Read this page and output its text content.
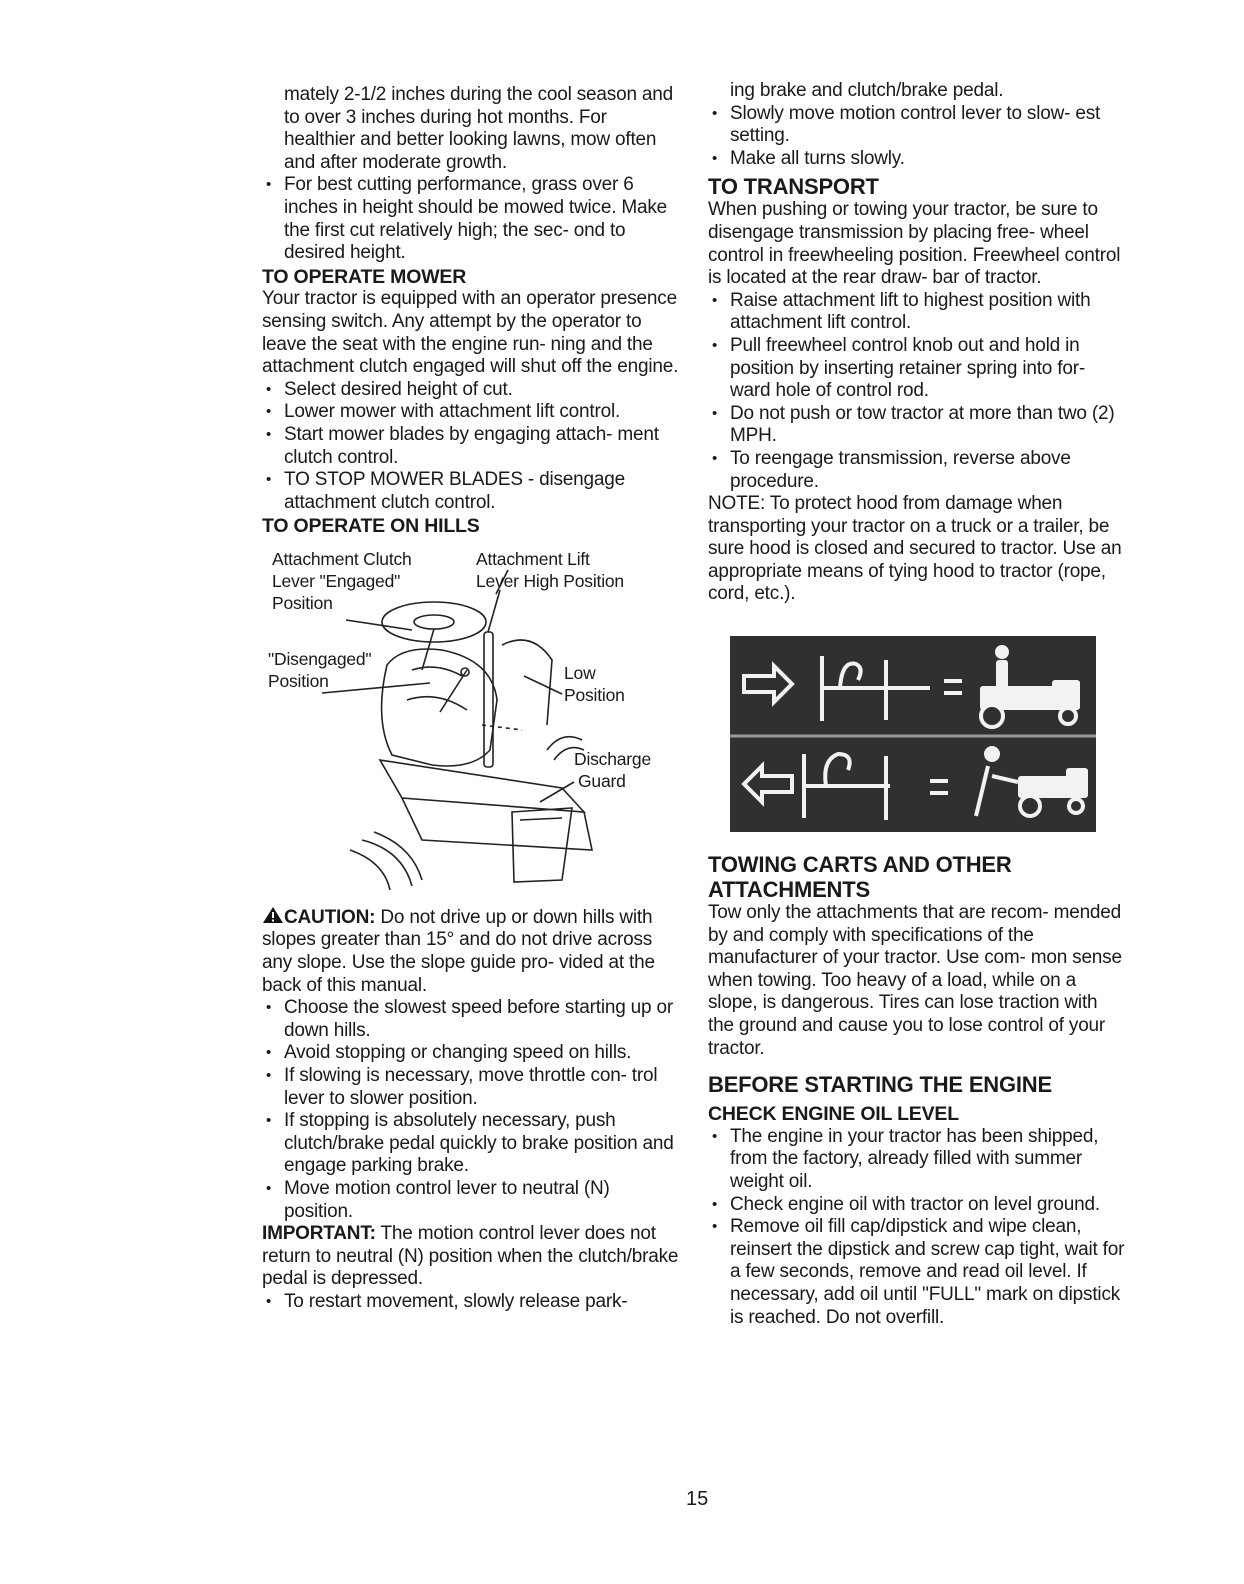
mately 2-1/2 inches during the cool season and to over 3 inches during hot months. For healthier and better looking lawns, mow often and after moderate growth.

• For best cutting performance, grass over 6 inches in height should be mowed twice. Make the first cut relatively high; the sec- ond to desired height.
TO OPERATE MOWER

Your tractor is equipped with an operator presence sensing switch. Any attempt by the operator to leave the seat with the engine run- ning and the attachment clutch engaged will shut off the engine.

• Select desired height of cut.
• Lower mower with attachment lift control.
• Start mower blades by engaging attach- ment clutch control.
• TO STOP MOWER BLADES - disengage attachment clutch control.
TO OPERATE ON HILLS
Attachment Clutch
Lever "Engaged"
Position
Attachment Lift
Lever High Position
"Disengaged"
Position	Low
Position
Discharge
Guard

CAUTION: Do not drive up or down hills with slopes greater than 15° and do not drive across any slope. Use the slope guide pro- vided at the back of this manual.

• Choose the slowest speed before starting up or down hills.
• Avoid stopping or changing speed on hills.
• If slowing is necessary, move throttle con- trol lever to slower position.
• If stopping is absolutely necessary, push clutch/brake pedal quickly to brake position and engage parking brake.
• Move motion control lever to neutral (N) position.

IMPORTANT: The motion control lever does not return to neutral (N) position when the clutch/brake pedal is depressed.

• To restart movement, slowly release park-

ing brake and clutch/brake pedal.

• Slowly move motion control lever to slow- est setting.
• Make all turns slowly.
TO TRANSPORT

When pushing or towing your tractor, be sure to disengage transmission by placing free- wheel control in freewheeling position. Freewheel control is located at the rear draw- bar of tractor.

• Raise attachment lift to highest position with attachment lift control.
• Pull freewheel control knob out and hold in position by inserting retainer spring into for- ward hole of control rod.
• Do not push or tow tractor at more than two (2) MPH.
• To reengage transmission, reverse above procedure.

NOTE: To protect hood from damage when transporting your tractor on a truck or a trailer, be sure hood is closed and secured to tractor. Use an appropriate means of tying hood to tractor (rope, cord, etc.).

TOWING CARTS AND OTHER
ATTACHMENTS

Tow only the attachments that are recom- mended by and comply with specifications of the manufacturer of your tractor. Use com- mon sense when towing. Too heavy of a load, while on a slope, is dangerous. Tires can lose traction with the ground and cause you to lose control of your tractor.

BEFORE STARTING THE ENGINE
CHECK ENGINE OIL LEVEL
• The engine in your tractor has been shipped, from the factory, already filled with summer weight oil.
• Check engine oil with tractor on level ground.
• Remove oil fill cap/dipstick and wipe clean, reinsert the dipstick and screw cap tight, wait for a few seconds, remove and read oil level. If necessary, add oil until "FULL" mark on dipstick is reached. Do not overfill.
15
